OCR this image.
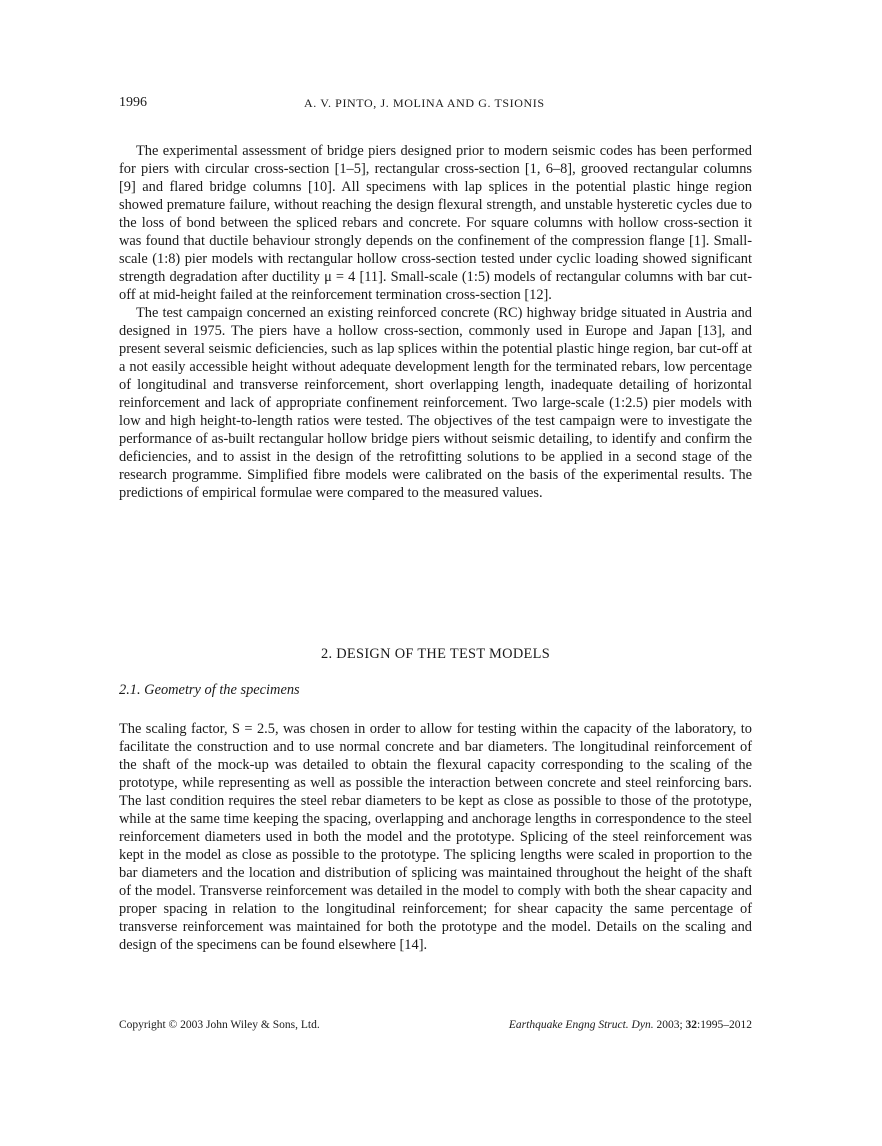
1996	A. V. PINTO, J. MOLINA AND G. TSIONIS

The experimental assessment of bridge piers designed prior to modern seismic codes has been performed for piers with circular cross-section [1–5], rectangular cross-section [1, 6–8], grooved rectangular columns [9] and flared bridge columns [10]. All specimens with lap splices in the potential plastic hinge region showed premature failure, without reaching the design flexural strength, and unstable hysteretic cycles due to the loss of bond between the spliced rebars and concrete. For square columns with hollow cross-section it was found that ductile behaviour strongly depends on the confinement of the compression flange [1]. Small-scale (1:8) pier models with rectangular hollow cross-section tested under cyclic loading showed significant strength degradation after ductility μ = 4 [11]. Small-scale (1:5) models of rectangular columns with bar cut-off at mid-height failed at the reinforcement termination cross-section [12].

The test campaign concerned an existing reinforced concrete (RC) highway bridge situated in Austria and designed in 1975. The piers have a hollow cross-section, commonly used in Europe and Japan [13], and present several seismic deficiencies, such as lap splices within the potential plastic hinge region, bar cut-off at a not easily accessible height without adequate development length for the terminated rebars, low percentage of longitudinal and transverse reinforcement, short overlapping length, inadequate detailing of horizontal reinforcement and lack of appropriate confinement reinforcement. Two large-scale (1:2.5) pier models with low and high height-to-length ratios were tested. The objectives of the test campaign were to investigate the performance of as-built rectangular hollow bridge piers without seismic detailing, to identify and confirm the deficiencies, and to assist in the design of the retrofitting solutions to be applied in a second stage of the research programme. Simplified fibre models were calibrated on the basis of the experimental results. The predictions of empirical formulae were compared to the measured values.

2. DESIGN OF THE TEST MODELS
2.1. Geometry of the specimens

The scaling factor, S = 2.5, was chosen in order to allow for testing within the capacity of the laboratory, to facilitate the construction and to use normal concrete and bar diameters. The longitudinal reinforcement of the shaft of the mock-up was detailed to obtain the flexural capacity corresponding to the scaling of the prototype, while representing as well as possible the interaction between concrete and steel reinforcing bars. The last condition requires the steel rebar diameters to be kept as close as possible to those of the prototype, while at the same time keeping the spacing, overlapping and anchorage lengths in correspondence to the steel reinforcement diameters used in both the model and the prototype. Splicing of the steel reinforcement was kept in the model as close as possible to the prototype. The splicing lengths were scaled in proportion to the bar diameters and the location and distribution of splicing was maintained throughout the height of the shaft of the model. Transverse reinforcement was detailed in the model to comply with both the shear capacity and proper spacing in relation to the longitudinal reinforcement; for shear capacity the same percentage of transverse reinforcement was maintained for both the prototype and the model. Details on the scaling and design of the specimens can be found elsewhere [14].

Copyright © 2003 John Wiley & Sons, Ltd.	Earthquake Engng Struct. Dyn. 2003; 32:1995–2012
